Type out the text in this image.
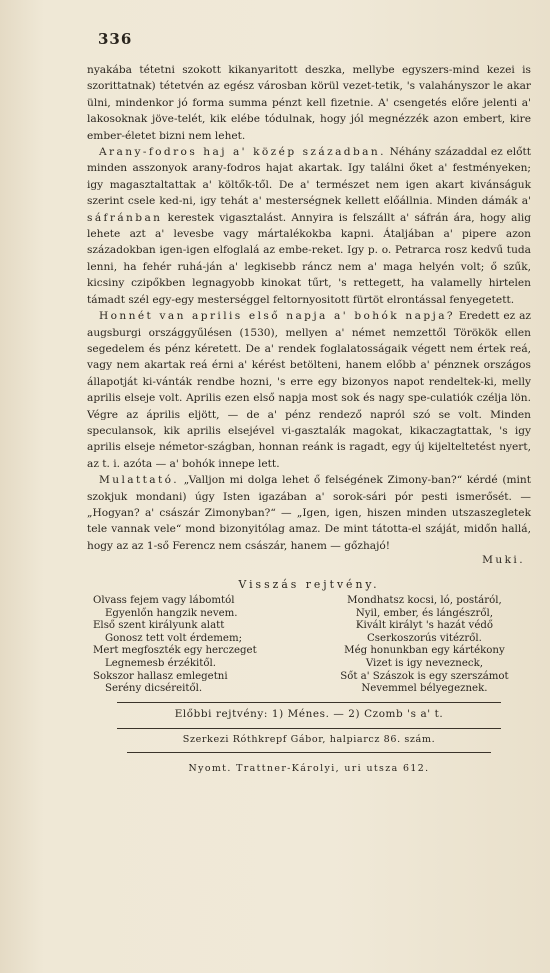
336

nyakába tétetni szokott kikanyaritott deszka, mellybe egyszers-mind kezei is szorittatnak) tétetvén az egész városban körül vezet-tetik, 's valahányszor le akar ülni, mindenkor jó forma summa pénzt kell fizetnie. A' csengetés előre jelenti a' lakosoknak jöve-telét, kik elébe tódulnak, hogy jól megnézzék azon embert, kire ember-életet bizni nem lehet.

Arany-fodros haj a' közép században. Néhány századdal ez előtt minden asszonyok arany-fodros hajat akartak. Igy találni őket a' festményeken; igy magasztaltattak a' költők-től. De a' természet nem igen akart kivánságuk szerint csele ked-ni, igy tehát a' mesterségnek kellett előállnia. Minden dámák a' sáfránban kerestek vigasztalást. Annyira is felszállt a' sáfrán ára, hogy alig lehete azt a' levesbe vagy mártalékokba kapni. Átaljában a' pipere azon századokban igen-igen elfoglalá az embe-reket. Igy p. o. Petrarca rosz kedvű tuda lenni, ha fehér ruhá-ján a' legkisebb ráncz nem a' maga helyén volt; ő szűk, kicsiny czipőkben legnagyobb kinokat tűrt, 's rettegett, ha valamelly hirtelen támadt szél egy-egy mesterséggel feltornyositott fürtöt elrontással fenyegetett.

Honnét van aprilis első napja a' bohók napja? Eredett ez az augsburgi országgyűlésen (1530), mellyen a' német nemzettől Törökök ellen segedelem és pénz kéretett. De a' rendek foglalatosságaik végett nem értek reá, vagy nem akartak reá érni a' kérést betölteni, hanem előbb a' pénznek országos állapotját ki-vánták rendbe hozni, 's erre egy bizonyos napot rendeltek-ki, melly aprilis elseje volt. Aprilis ezen első napja most sok és nagy spe-culatiók czélja lön. Végre az április eljött, — de a' pénz rendező napról szó se volt. Minden speculansok, kik aprilis elsejével vi-gasztalák magokat, kikaczagtattak, 's igy aprilis elseje németor-szágban, honnan reánk is ragadt, egy új kijelteltetést nyert, az t. i. azóta — a' bohók innepe lett.

Mulattató. „Valljon mi dolga lehet ő felségének Zimony-ban?“ kérdé (mint szokjuk mondani) úgy Isten igazában a' sorok-sári pór pesti ismerősét. — „Hogyan? a' császár Zimonyban?“ — „Igen, igen, hiszen minden utszaszegletek tele vannak vele“ mond bizonyitólag amaz. De mint tátotta-el száját, midőn hallá, hogy az az 1-ső Ferencz nem császár, hanem — gőzhajó!

Muki.
Visszás rejtvény.
Olvass fejem vagy lábomtól
Egyenlőn hangzik nevem.
Első szent királyunk alatt
Gonosz tett volt érdemem;
Mert megfoszték egy herczeget
Legnemesb érzékitől.
Sokszor hallasz emlegetni
Serény dicséreitől.
Mondhatsz kocsi, ló, postáról,
Nyil, ember, és lángészről,
Kivált királyt 's hazát védő
Cserkoszorús vitézről.
Még honunkban egy kártékony
Vizet is igy nevezneck,
Sőt a' Szászok is egy szerszámot
Nevemmel bélyegeznek.
Előbbi rejtvény: 1) Ménes. — 2) Czomb 's a' t.
Szerkezi Róthkrepf Gábor, halpiarcz 86. szám.
Nyomt. Trattner-Károlyi, uri utsza 612.
